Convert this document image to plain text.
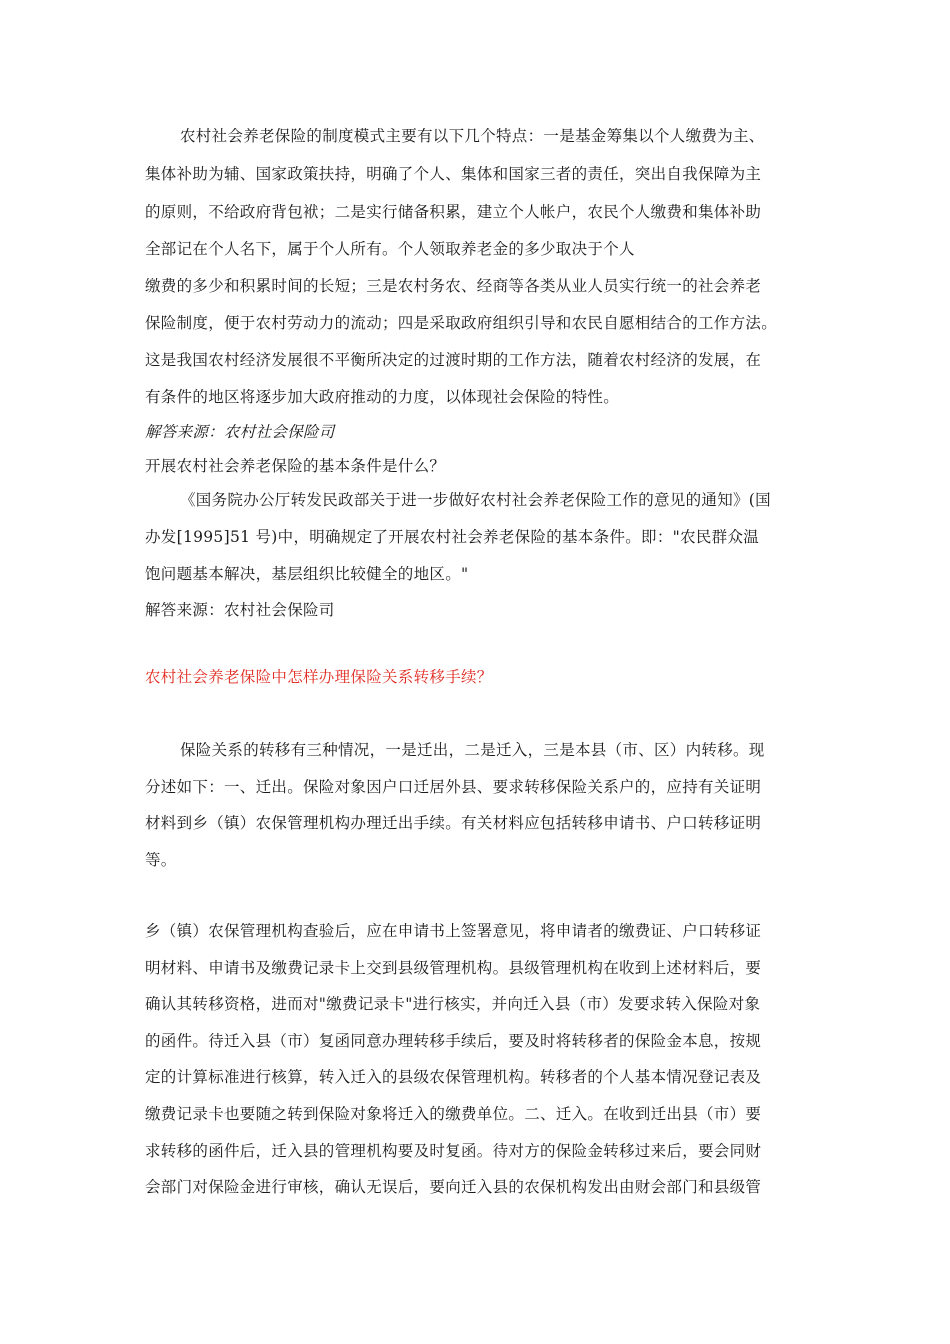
农村社会养老保险的制度模式主要有以下几个特点：一是基金筹集以个人缴费为主、
集体补助为辅、国家政策扶持，明确了个人、集体和国家三者的责任，突出自我保障为主
的原则，不给政府背包袱；二是实行储备积累，建立个人帐户，农民个人缴费和集体补助
全部记在个人名下，属于个人所有。个人领取养老金的多少取决于个人
缴费的多少和积累时间的长短；三是农村务农、经商等各类从业人员实行统一的社会养老
保险制度，便于农村劳动力的流动；四是采取政府组织引导和农民自愿相结合的工作方法。
这是我国农村经济发展很不平衡所决定的过渡时期的工作方法，随着农村经济的发展，在
有条件的地区将逐步加大政府推动的力度，以体现社会保险的特性。
解答来源：农村社会保险司
开展农村社会养老保险的基本条件是什么？
《国务院办公厅转发民政部关于进一步做好农村社会养老保险工作的意见的通知》(国
办发[1995]51 号)中，明确规定了开展农村社会养老保险的基本条件。即："农民群众温
饱问题基本解决，基层组织比较健全的地区。"
解答来源：农村社会保险司
农村社会养老保险中怎样办理保险关系转移手续？
保险关系的转移有三种情况，一是迁出，二是迁入，三是本县（市、区）内转移。现
分述如下：一、迁出。保险对象因户口迁居外县、要求转移保险关系户的，应持有关证明
材料到乡（镇）农保管理机构办理迁出手续。有关材料应包括转移申请书、户口转移证明
等。
乡（镇）农保管理机构查验后，应在申请书上签署意见，将申请者的缴费证、户口转移证
明材料、申请书及缴费记录卡上交到县级管理机构。县级管理机构在收到上述材料后，要
确认其转移资格，进而对"缴费记录卡"进行核实，并向迁入县（市）发要求转入保险对象
的函件。待迁入县（市）复函同意办理转移手续后，要及时将转移者的保险金本息，按规
定的计算标准进行核算，转入迁入的县级农保管理机构。转移者的个人基本情况登记表及
缴费记录卡也要随之转到保险对象将迁入的缴费单位。二、迁入。在收到迁出县（市）要
求转移的函件后，迁入县的管理机构要及时复函。待对方的保险金转移过来后，要会同财
会部门对保险金进行审核，确认无误后，要向迁入县的农保机构发出由财会部门和县级管
